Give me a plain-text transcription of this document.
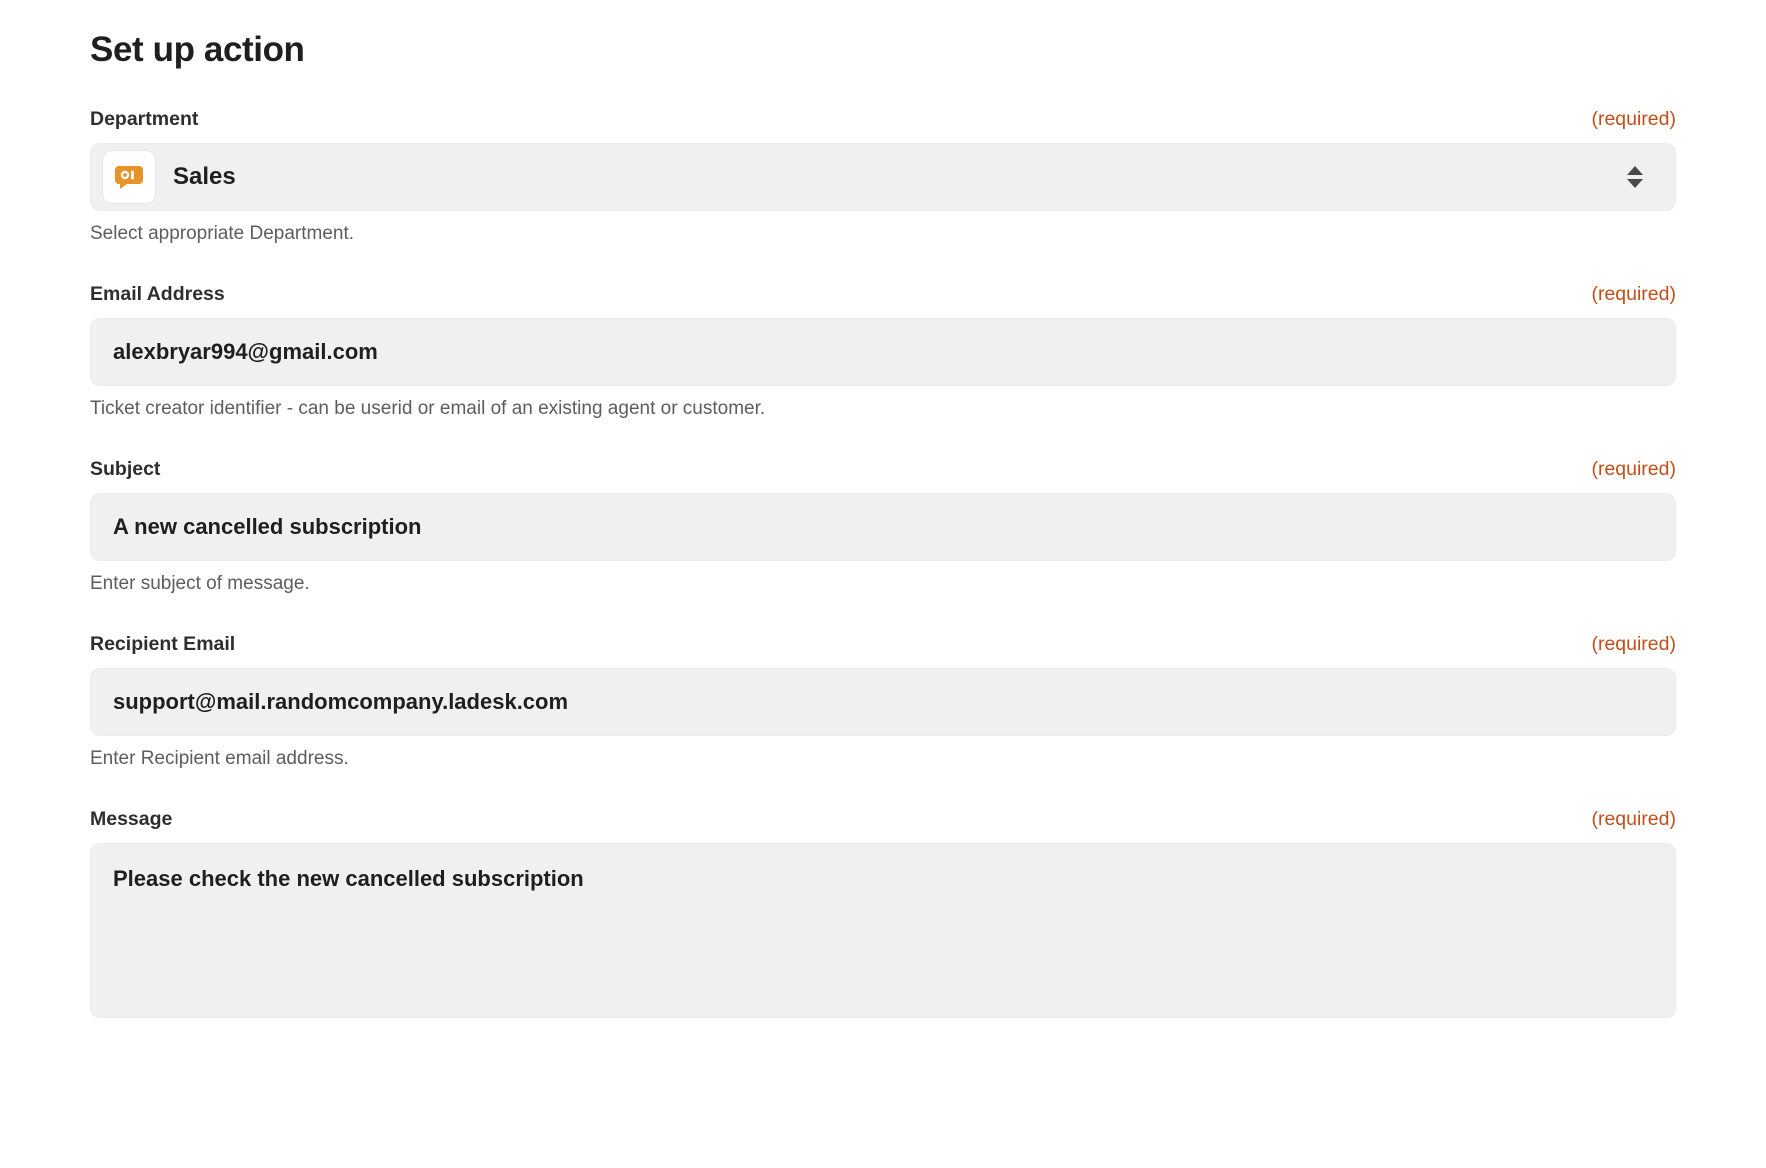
Set up action
Department	(required)
Sales
Select appropriate Department.
Email Address	(required)
alexbryar994@gmail.com
Ticket creator identifier - can be userid or email of an existing agent or customer.
Subject	(required)
A new cancelled subscription
Enter subject of message.
Recipient Email	(required)
support@mail.randomcompany.ladesk.com
Enter Recipient email address.
Message	(required)
Please check the new cancelled subscription
